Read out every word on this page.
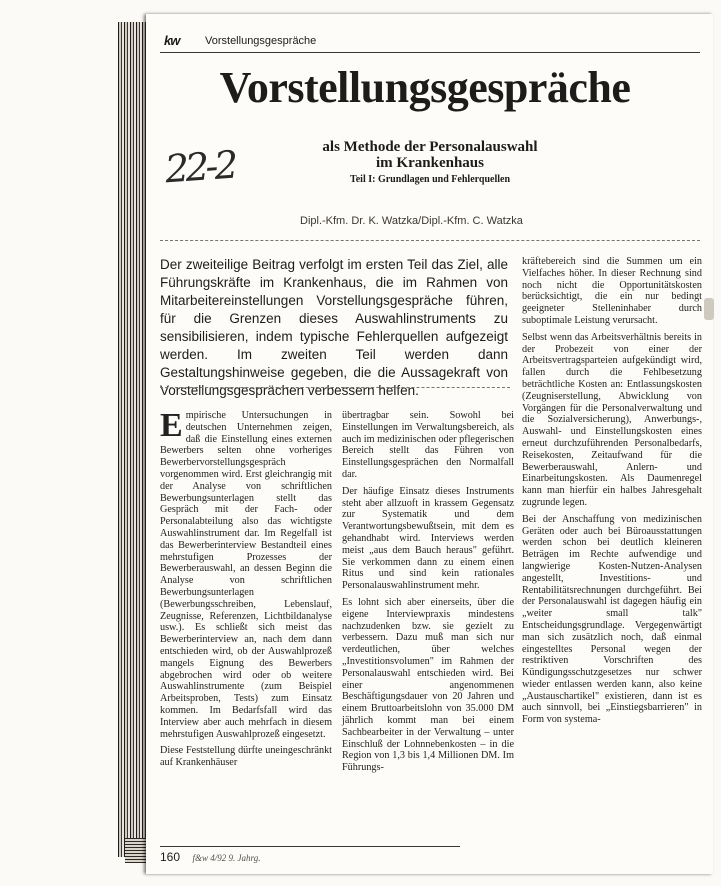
kw Vorstellungsgespräche
Vorstellungsgespräche
22-2	als Methode der Personalauswahl
im Krankenhaus
Teil I: Grundlagen und Fehlerquellen
Dipl.-Kfm. Dr. K. Watzka/Dipl.-Kfm. C. Watzka
Der zweiteilige Beitrag verfolgt im ersten Teil das Ziel, alle Führungskräfte im Krankenhaus, die im Rahmen von Mitarbeitereinstellungen Vorstellungsgespräche führen, für die Grenzen dieses Auswahlinstruments zu sensibilisieren, indem typische Fehlerquellen aufgezeigt werden. Im zweiten Teil werden dann Gestaltungshinweise gegeben, die die Aussagekraft von Vorstellungsgesprächen verbessern helfen.

Empirische Untersuchungen in deutschen Unternehmen zeigen, daß die Einstellung eines externen Bewerbers selten ohne vorheriges Bewerbervorstellungsgespräch vorgenommen wird. Erst gleichrangig mit der Analyse von schriftlichen Bewerbungsunterlagen stellt das Gespräch mit der Fach- oder Personalabteilung also das wichtigste Auswahlinstrument dar. Im Regelfall ist das Bewerberinterview Bestandteil eines mehrstufigen Prozesses der Bewerberauswahl, an dessen Beginn die Analyse von schriftlichen Bewerbungsunterlagen (Bewerbungsschreiben, Lebenslauf, Zeugnisse, Referenzen, Lichtbildanalyse usw.). Es schließt sich meist das Bewerberinterview an, nach dem dann entschieden wird, ob der Auswahlprozeß mangels Eignung des Bewerbers abgebrochen wird oder ob weitere Auswahlinstrumente (zum Beispiel Arbeitsproben, Tests) zum Einsatz kommen. Im Bedarfsfall wird das Interview aber auch mehrfach in diesem mehrstufigen Auswahlprozeß eingesetzt.

Diese Feststellung dürfte uneingeschränkt auf Krankenhäuser

übertragbar sein. Sowohl bei Einstellungen im Verwaltungsbereich, als auch im medizinischen oder pflegerischen Bereich stellt das Führen von Einstellungsgesprächen den Normalfall dar.

Der häufige Einsatz dieses Instruments steht aber allzuoft in krassem Gegensatz zur Systematik und dem Verantwortungsbewußtsein, mit dem es gehandhabt wird. Interviews werden meist „aus dem Bauch heraus" geführt. Sie verkommen dann zu einem einen Ritus und sind kein rationales Personalauswahlinstrument mehr.

Es lohnt sich aber einerseits, über die eigene Interviewpraxis mindestens nachzudenken bzw. sie gezielt zu verbessern. Dazu muß man sich nur verdeutlichen, über welches „Investitionsvolumen" im Rahmen der Personalauswahl entschieden wird. Bei einer angenommenen Beschäftigungsdauer von 20 Jahren und einem Bruttoarbeitslohn von 35.000 DM jährlich kommt man bei einem Sachbearbeiter in der Verwaltung – unter Einschluß der Lohnnebenkosten – in die Region von 1,3 bis 1,4 Millionen DM. Im Führungs-

kräftebereich sind die Summen um ein Vielfaches höher. In dieser Rechnung sind noch nicht die Opportunitätskosten berücksichtigt, die ein nur bedingt geeigneter Stelleninhaber durch suboptimale Leistung verursacht.

Selbst wenn das Arbeitsverhältnis bereits in der Probezeit von einer der Arbeitsvertragsparteien aufgekündigt wird, fallen durch die Fehlbesetzung beträchtliche Kosten an: Entlassungskosten (Zeugniserstellung, Abwicklung von Vorgängen für die Personalverwaltung und die Sozialversicherung), Anwerbungs-, Auswahl- und Einstellungskosten eines erneut durchzuführenden Personalbedarfs, Reisekosten, Zeitaufwand für die Bewerberauswahl, Anlern- und Einarbeitungskosten. Als Daumenregel kann man hierfür ein halbes Jahresgehalt zugrunde legen.

Bei der Anschaffung von medizinischen Geräten oder auch bei Büroausstattungen werden schon bei deutlich kleineren Beträgen im Rechte aufwendige und langwierige Kosten-Nutzen-Analysen angestellt, Investitions- und Rentabilitätsrechnungen durchgeführt. Bei der Personalauswahl ist dagegen häufig ein „weiter small talk" Entscheidungsgrundlage. Vergegenwärtigt man sich zusätzlich noch, daß einmal eingestelltes Personal wegen der restriktiven Vorschriften des Kündigungsschutzgesetzes nur schwer wieder entlassen werden kann, also keine „Austauschartikel" existieren, dann ist es auch sinnvoll, bei „Einstiegsbarrieren" in Form von systema-

160 f&w 4/92 9. Jahrg.
